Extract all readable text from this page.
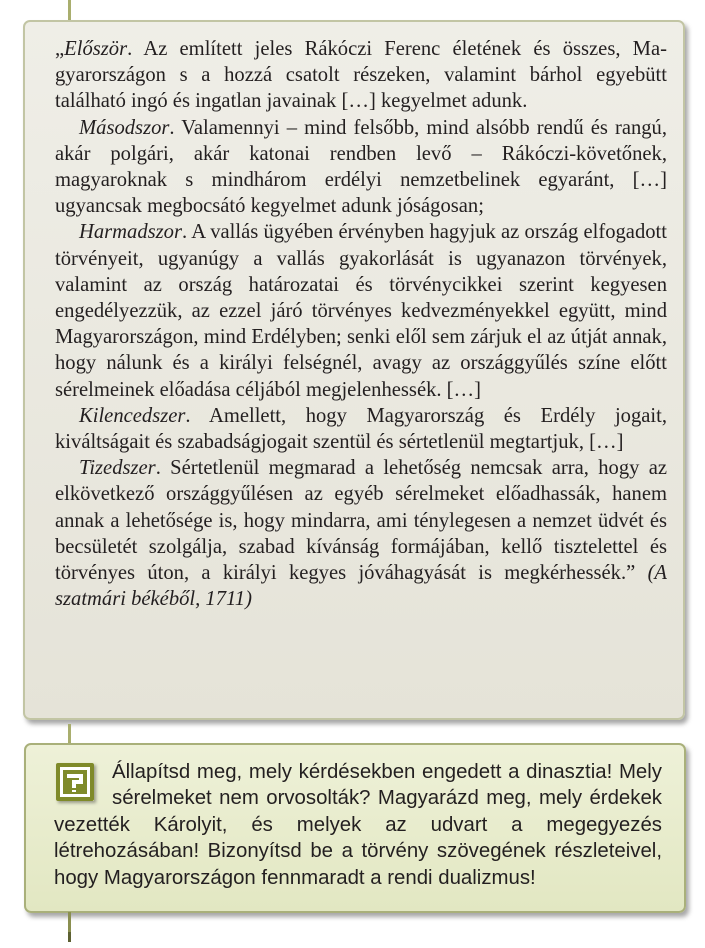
„Először. Az említett jeles Rákóczi Ferenc életének és összes, Magyarországon s a hozzá csatolt részeken, valamint bárhol egyebütt található ingó és ingatlan javainak […] kegyelmet adunk.

Másodszor. Valamennyi – mind felsőbb, mind alsóbb rendű és rangú, akár polgári, akár katonai rendben levő – Rákóczi-követőnek, magyaroknak s mindhárom erdélyi nemzetbelinek egyaránt, […] ugyancsak megbocsátó kegyelmet adunk jóságosan;

Harmadszor. A vallás ügyében érvényben hagyjuk az ország elfogadott törvényeit, ugyanúgy a vallás gyakorlását is ugyanazon törvények, valamint az ország határozatai és törvénycikkei szerint kegyesen engedélyezzük, az ezzel járó törvényes kedvezményekkel együtt, mind Magyarországon, mind Erdélyben; senki elől sem zárjuk el az útját annak, hogy nálunk és a királyi felségnél, avagy az országgyűlés színe előtt sérelmeinek előadása céljából megjelenhessék. […]

Kilencedszer. Amellett, hogy Magyarország és Erdély jogait, kiváltságait és szabadságjogait szentül és sértetlenül megtartjuk, […]

Tizedszer. Sértetlenül megmarad a lehetőség nemcsak arra, hogy az elkövetkező országgyűlésen az egyéb sérelmeket előadhassák, hanem annak a lehetősége is, hogy mindarra, ami ténylegesen a nemzet üdvét és becsületét szolgálja, szabad kívánság formájában, kellő tisztelettel és törvényes úton, a királyi kegyes jóváhagyását is megkérhessék.” (A szatmári békéből, 1711)

Állapítsd meg, mely kérdésekben engedett a dinasztia! Mely sérelmeket nem orvosolták? Magyarázd meg, mely érdekek vezették Károlyit, és melyek az udvart a megegyezés létrehozásában! Bizonyítsd be a törvény szövegének részleteivel, hogy Magyarországon fennmaradt a rendi dualizmus!
